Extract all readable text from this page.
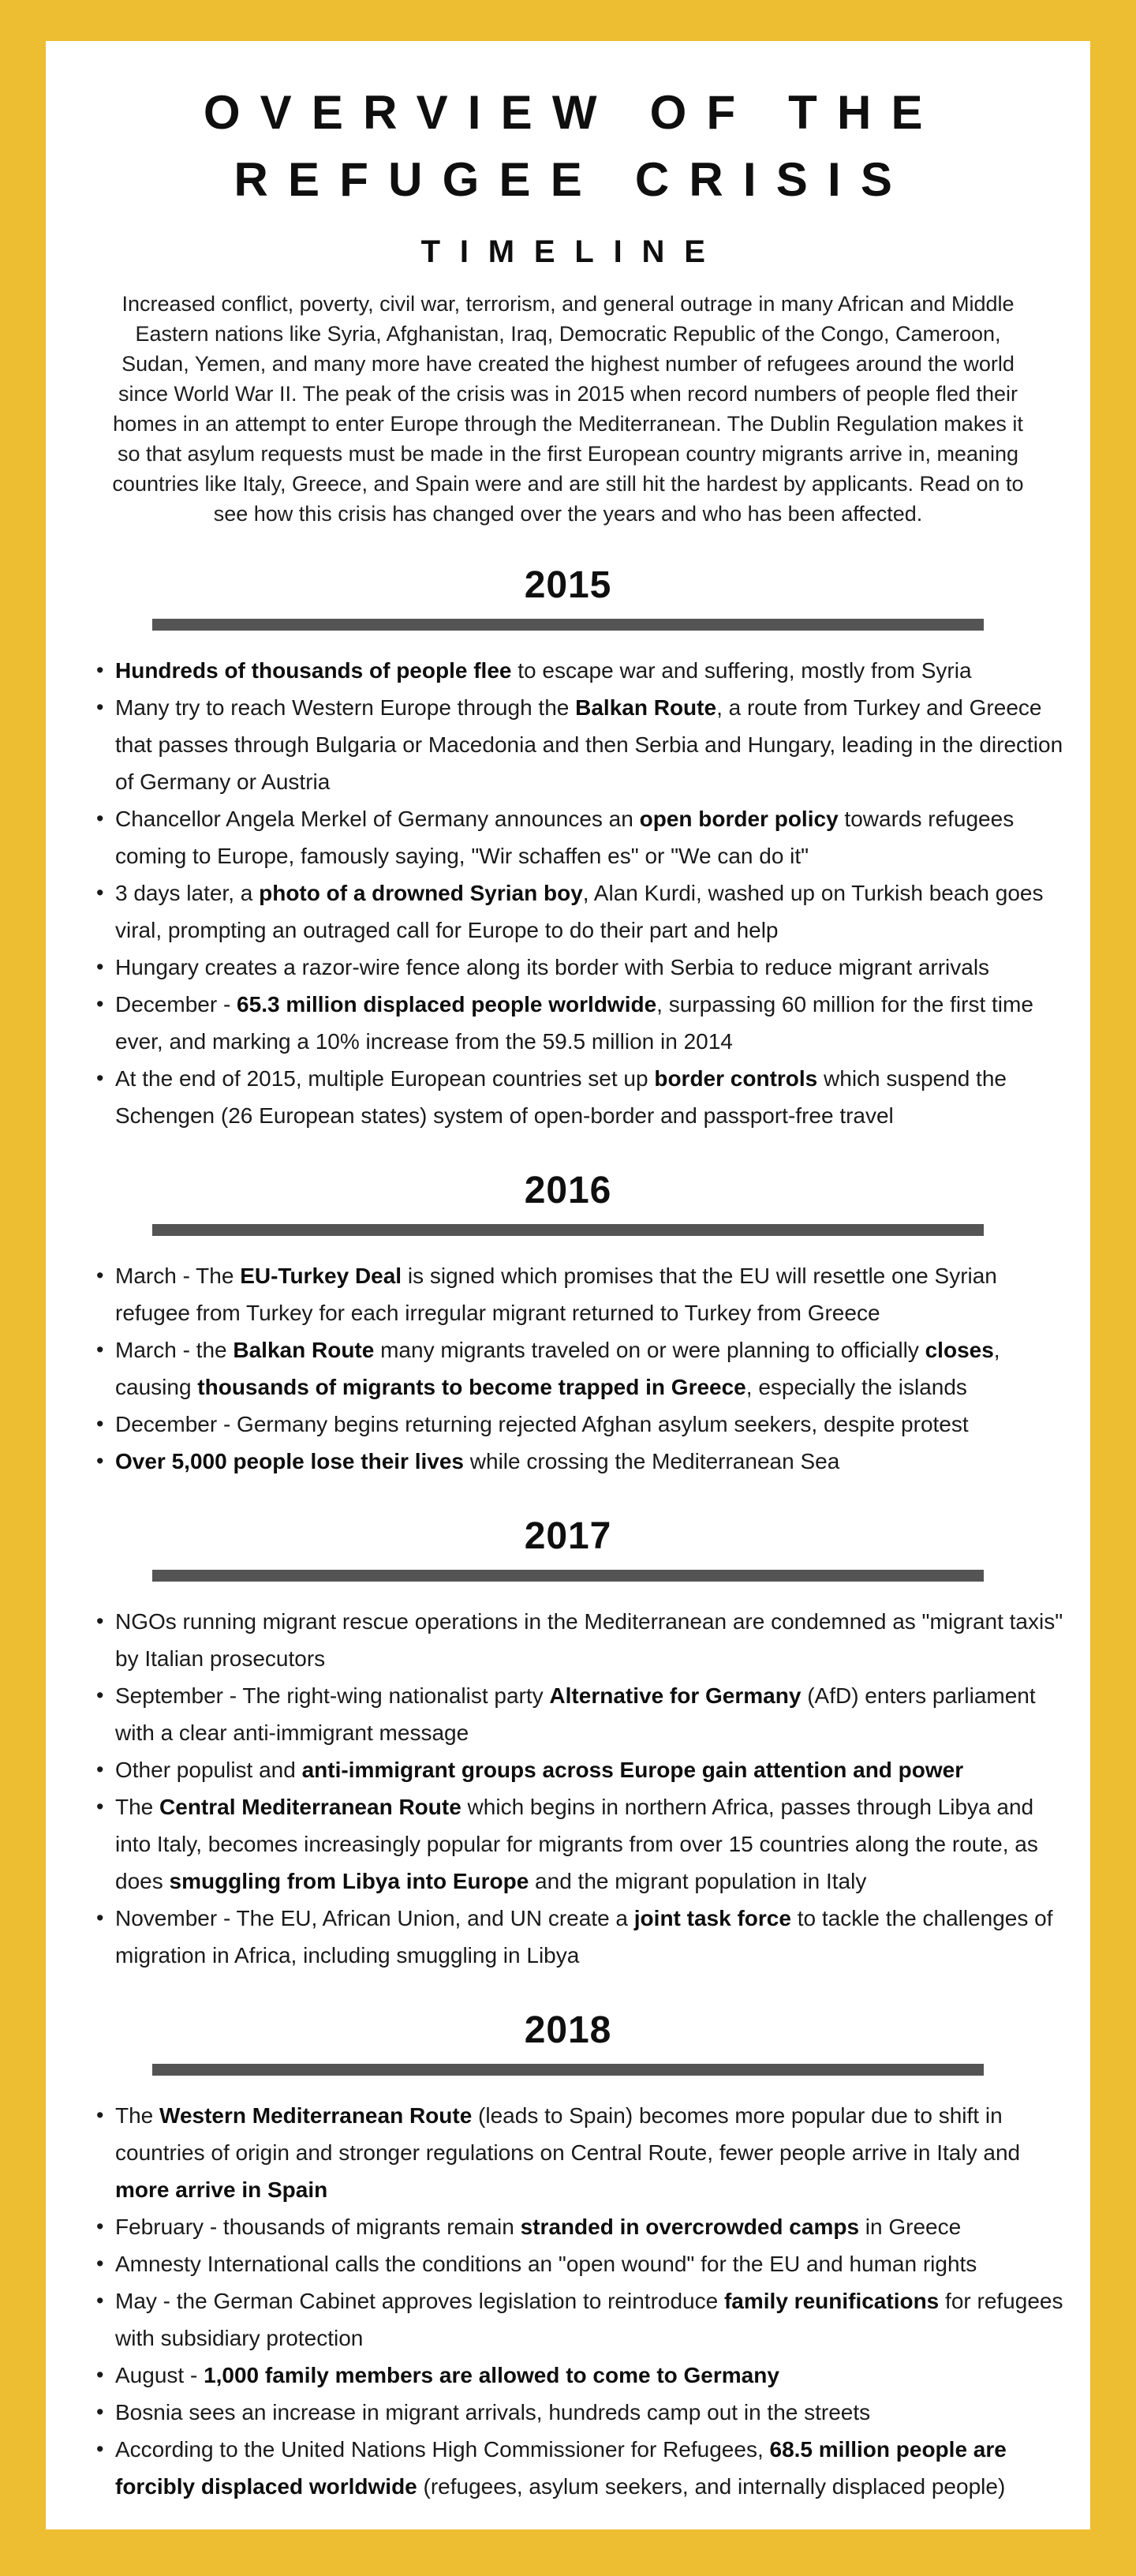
OVERVIEW OF THE
REFUGEE CRISIS
TIMELINE

Increased conflict, poverty, civil war, terrorism, and general outrage in many African and Middle Eastern nations like Syria, Afghanistan, Iraq, Democratic Republic of the Congo, Cameroon, Sudan, Yemen, and many more have created the highest number of refugees around the world since World War II. The peak of the crisis was in 2015 when record numbers of people fled their homes in an attempt to enter Europe through the Mediterranean. The Dublin Regulation makes it so that asylum requests must be made in the first European country migrants arrive in, meaning countries like Italy, Greece, and Spain were and are still hit the hardest by applicants. Read on to see how this crisis has changed over the years and who has been affected.

2015
• Hundreds of thousands of people flee to escape war and suffering, mostly from Syria
• Many try to reach Western Europe through the Balkan Route, a route from Turkey and Greece that passes through Bulgaria or Macedonia and then Serbia and Hungary, leading in the direction of Germany or Austria
• Chancellor Angela Merkel of Germany announces an open border policy towards refugees coming to Europe, famously saying, "Wir schaffen es" or "We can do it"
• 3 days later, a photo of a drowned Syrian boy, Alan Kurdi, washed up on Turkish beach goes viral, prompting an outraged call for Europe to do their part and help
• Hungary creates a razor-wire fence along its border with Serbia to reduce migrant arrivals
• December - 65.3 million displaced people worldwide, surpassing 60 million for the first time ever, and marking a 10% increase from the 59.5 million in 2014
• At the end of 2015, multiple European countries set up border controls which suspend the Schengen (26 European states) system of open-border and passport-free travel
2016
• March - The EU-Turkey Deal is signed which promises that the EU will resettle one Syrian refugee from Turkey for each irregular migrant returned to Turkey from Greece
• March - the Balkan Route many migrants traveled on or were planning to officially closes, causing thousands of migrants to become trapped in Greece, especially the islands
• December - Germany begins returning rejected Afghan asylum seekers, despite protest
• Over 5,000 people lose their lives while crossing the Mediterranean Sea
2017
• NGOs running migrant rescue operations in the Mediterranean are condemned as "migrant taxis" by Italian prosecutors
• September - The right-wing nationalist party Alternative for Germany (AfD) enters parliament with a clear anti-immigrant message
• Other populist and anti-immigrant groups across Europe gain attention and power
• The Central Mediterranean Route which begins in northern Africa, passes through Libya and into Italy, becomes increasingly popular for migrants from over 15 countries along the route, as does smuggling from Libya into Europe and the migrant population in Italy
• November - The EU, African Union, and UN create a joint task force to tackle the challenges of migration in Africa, including smuggling in Libya
2018
• The Western Mediterranean Route (leads to Spain) becomes more popular due to shift in countries of origin and stronger regulations on Central Route, fewer people arrive in Italy and more arrive in Spain
• February - thousands of migrants remain stranded in overcrowded camps in Greece
• Amnesty International calls the conditions an "open wound" for the EU and human rights
• May - the German Cabinet approves legislation to reintroduce family reunifications for refugees with subsidiary protection
• August - 1,000 family members are allowed to come to Germany
• Bosnia sees an increase in migrant arrivals, hundreds camp out in the streets
• According to the United Nations High Commissioner for Refugees, 68.5 million people are forcibly displaced worldwide (refugees, asylum seekers, and internally displaced people)
